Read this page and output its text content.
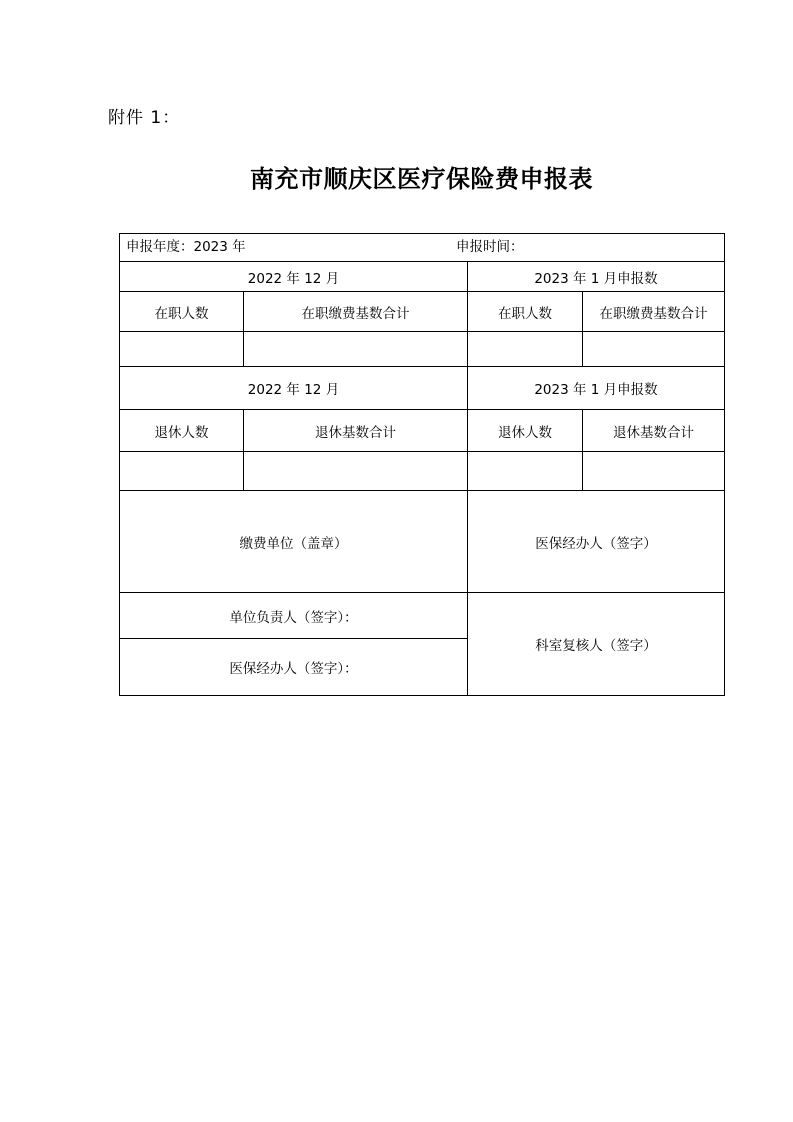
附件 1：
南充市顺庆区医疗保险费申报表
申报年度：2023 年 申报时间：			

2022 年 12 月		2023 年 1 月申报数	
在职人数	在职缴费基数合计	在职人数	在职缴费基数合计

2022 年 12 月		2023 年 1 月申报数	
退休人数	退休基数合计	退休人数	退休基数合计

缴费单位（盖章）		医保经办人（签字）	
单位负责人（签字）：		科室复核人（签字）	
医保经办人（签字）：			
